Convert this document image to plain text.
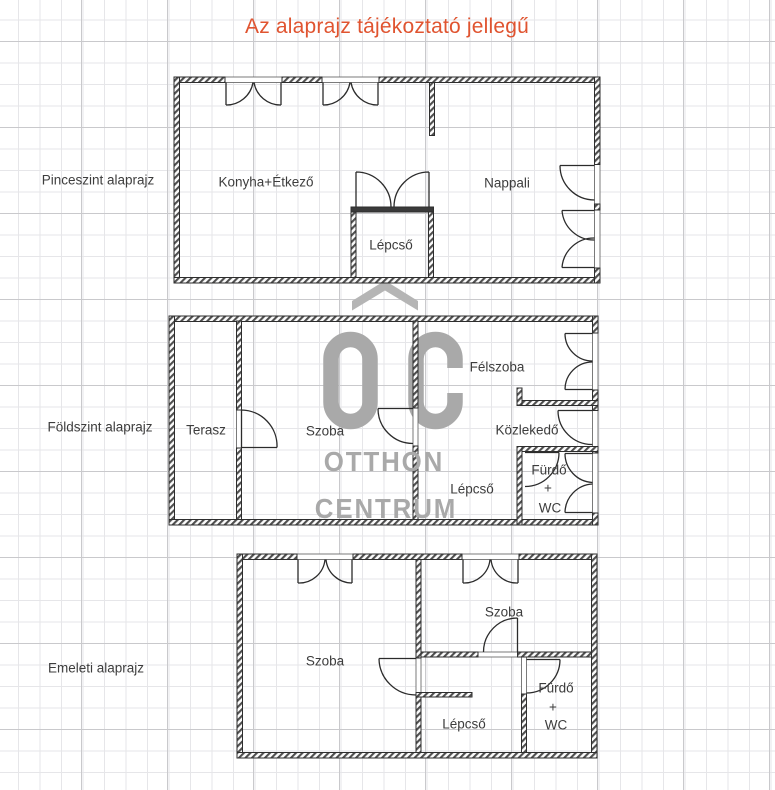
Az alaprajz tájékoztató jellegű
Pinceszint alaprajz
Földszint alaprajz
Emeleti alaprajz
Konyha+Étkező	Nappali
Lépcső
Terasz	Szoba
Félszoba
Közlekedő
Lépcső
Fürdő
+
WC
Szoba
Szoba
Lépcső
Fürdő
+
WC
OTTHON
CENTRUM
